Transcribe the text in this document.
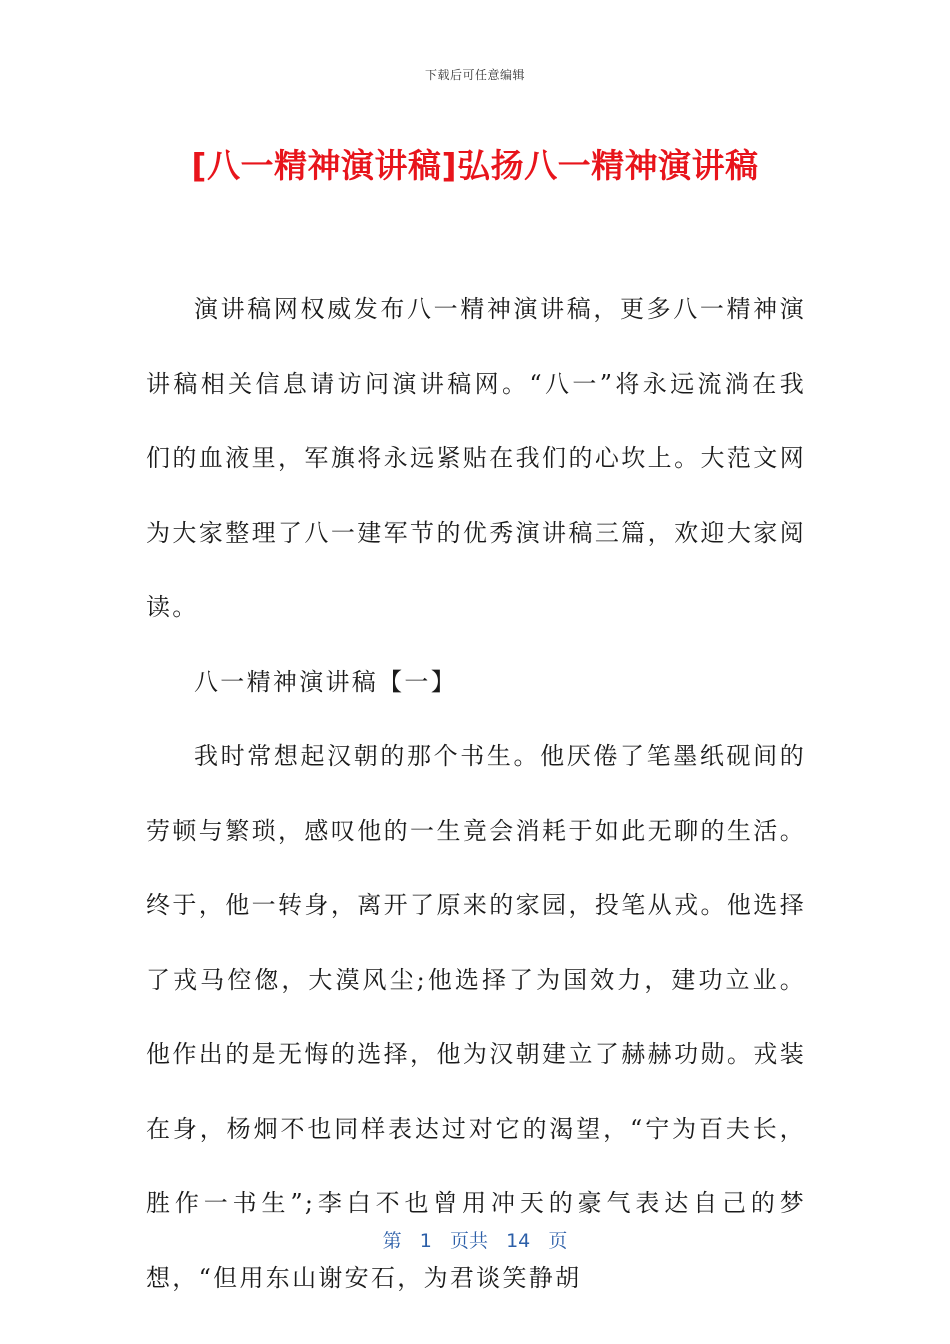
下载后可任意编辑
[八一精神演讲稿]弘扬八一精神演讲稿

演讲稿网权威发布八一精神演讲稿，更多八一精神演讲稿相关信息请访问演讲稿网。“八一”将永远流淌在我们的血液里，军旗将永远紧贴在我们的心坎上。大范文网为大家整理了八一建军节的优秀演讲稿三篇，欢迎大家阅读。

八一精神演讲稿【一】

我时常想起汉朝的那个书生。他厌倦了笔墨纸砚间的劳顿与繁琐，感叹他的一生竟会消耗于如此无聊的生活。终于，他一转身，离开了原来的家园，投笔从戎。他选择了戎马倥偬，大漠风尘;他选择了为国效力，建功立业。他作出的是无悔的选择，他为汉朝建立了赫赫功勋。戎装在身，杨炯不也同样表达过对它的渴望，“宁为百夫长，胜作一书生”;李白不也曾用冲天的豪气表达自己的梦想，“但用东山谢安石，为君谈笑静胡

第 1 页共 14 页
